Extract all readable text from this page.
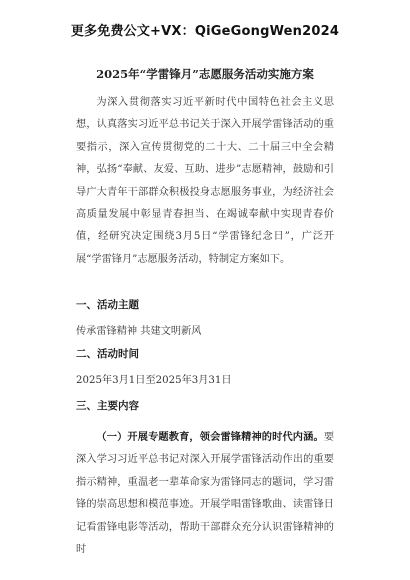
更多免费公文+VX：QiGeGongWen2024
2025年“学雷锋月”志愿服务活动实施方案

为深入贯彻落实习近平新时代中国特色社会主义思想，认真落实习近平总书记关于深入开展学雷锋活动的重要指示，深入宣传贯彻党的二十大、二十届三中全会精神，弘扬“奉献、友爱、互助、进步”志愿精神，鼓励和引导广大青年干部群众积极投身志愿服务事业，为经济社会高质量发展中彰显青春担当、在竭诚奉献中实现青春价值，经研究决定围绕3月5日“学雷锋纪念日”，广泛开展“学雷锋月”志愿服务活动，特制定方案如下。

一、活动主题
传承雷锋精神 共建文明新风
二、活动时间
2025年3月1日至2025年3月31日
三、主要内容

（一）开展专题教育，领会雷锋精神的时代内涵。要深入学习习近平总书记对深入开展学雷锋活动作出的重要指示精神，重温老一辈革命家为雷锋同志的题词，学习雷锋的崇高思想和模范事迹。开展学唱雷锋歌曲、读雷锋日记看雷锋电影等活动，帮助干部群众充分认识雷锋精神的时
